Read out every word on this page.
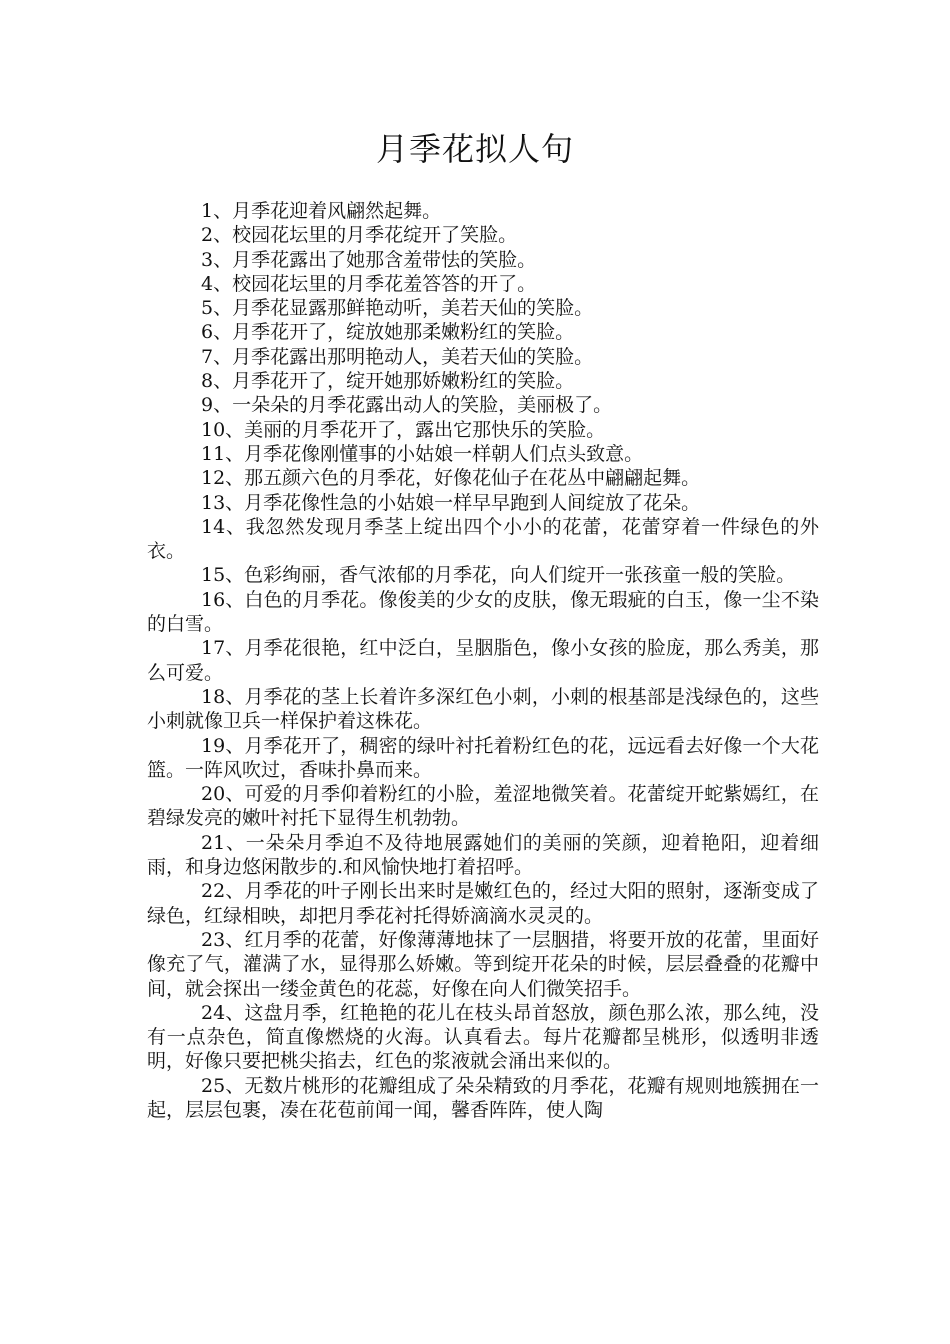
月季花拟人句

1、月季花迎着风翩然起舞。

2、校园花坛里的月季花绽开了笑脸。

3、月季花露出了她那含羞带怯的笑脸。

4、校园花坛里的月季花羞答答的开了。

5、月季花显露那鲜艳动听，美若天仙的笑脸。

6、月季花开了，绽放她那柔嫩粉红的笑脸。

7、月季花露出那明艳动人，美若天仙的笑脸。

8、月季花开了，绽开她那娇嫩粉红的笑脸。

9、一朵朵的月季花露出动人的笑脸，美丽极了。

10、美丽的月季花开了，露出它那快乐的笑脸。

11、月季花像刚懂事的小姑娘一样朝人们点头致意。

12、那五颜六色的月季花，好像花仙子在花丛中翩翩起舞。

13、月季花像性急的小姑娘一样早早跑到人间绽放了花朵。

14、我忽然发现月季茎上绽出四个小小的花蕾，花蕾穿着一件绿色的外衣。

15、色彩绚丽，香气浓郁的月季花，向人们绽开一张孩童一般的笑脸。

16、白色的月季花。像俊美的少女的皮肤，像无瑕疵的白玉，像一尘不染的白雪。

17、月季花很艳，红中泛白，呈胭脂色，像小女孩的脸庞，那么秀美，那么可爱。

18、月季花的茎上长着许多深红色小刺，小刺的根基部是浅绿色的，这些小刺就像卫兵一样保护着这株花。

19、月季花开了，稠密的绿叶衬托着粉红色的花，远远看去好像一个大花篮。一阵风吹过，香味扑鼻而来。

20、可爱的月季仰着粉红的小脸，羞涩地微笑着。花蕾绽开蛇紫嫣红，在碧绿发亮的嫩叶衬托下显得生机勃勃。

21、一朵朵月季迫不及待地展露她们的美丽的笑颜，迎着艳阳，迎着细雨，和身边悠闲散步的.和风愉快地打着招呼。

22、月季花的叶子刚长出来时是嫩红色的，经过大阳的照射，逐渐变成了绿色，红绿相映，却把月季花衬托得娇滴滴水灵灵的。

23、红月季的花蕾，好像薄薄地抹了一层胭措，将要开放的花蕾，里面好像充了气，灌满了水，显得那么娇嫩。等到绽开花朵的时候，层层叠叠的花瓣中间，就会探出一缕金黄色的花蕊，好像在向人们微笑招手。

24、这盘月季，红艳艳的花儿在枝头昂首怒放，颜色那么浓，那么纯，没有一点杂色，简直像燃烧的火海。认真看去。每片花瓣都呈桃形，似透明非透明，好像只要把桃尖掐去，红色的浆液就会涌出来似的。

25、无数片桃形的花瓣组成了朵朵精致的月季花，花瓣有规则地簇拥在一起，层层包裹，凑在花苞前闻一闻，馨香阵阵，使人陶
